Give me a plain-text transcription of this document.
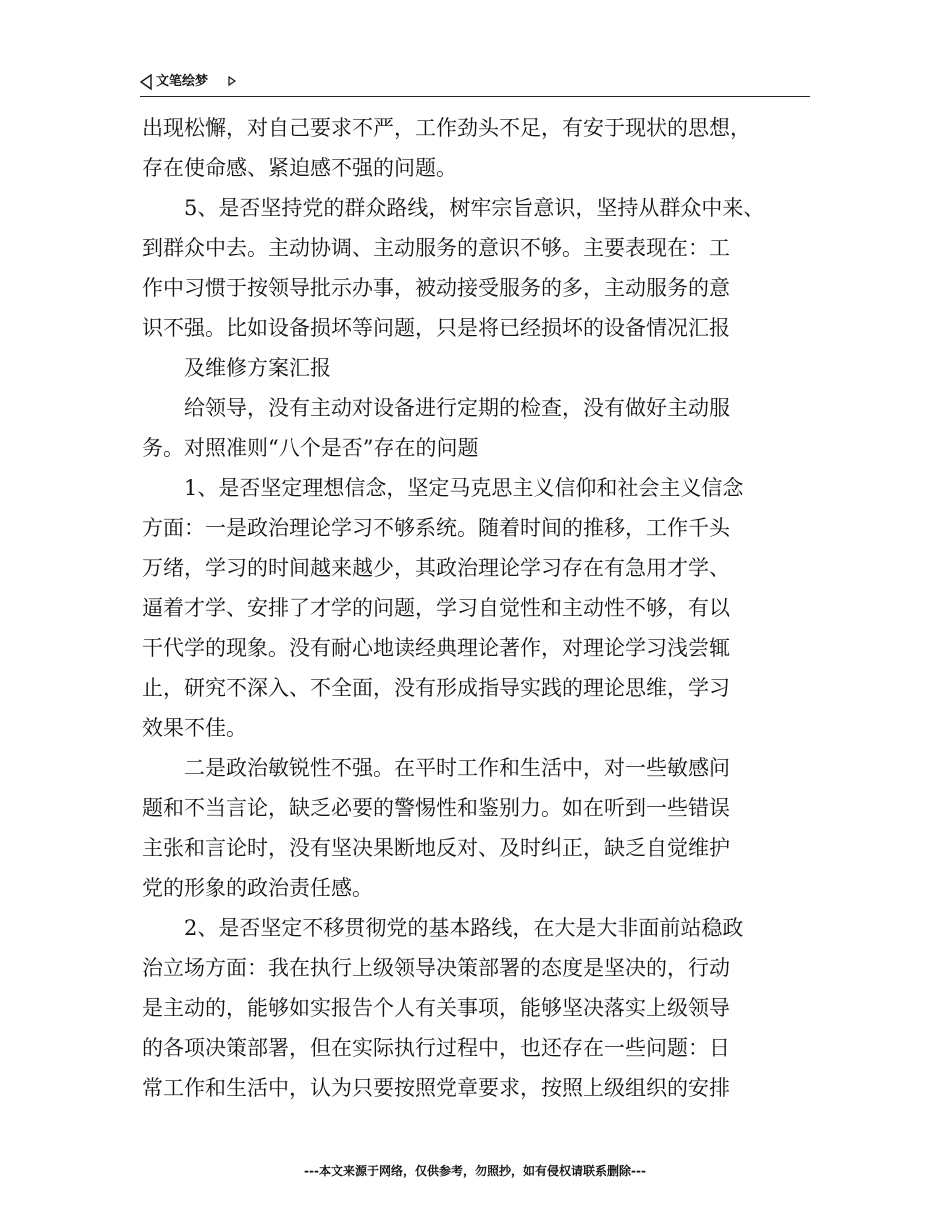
文笔绘梦
出现松懈，对自己要求不严，工作劲头不足，有安于现状的思想，
存在使命感、紧迫感不强的问题。
5、是否坚持党的群众路线，树牢宗旨意识，坚持从群众中来、
到群众中去。主动协调、主动服务的意识不够。主要表现在：工
作中习惯于按领导批示办事，被动接受服务的多，主动服务的意
识不强。比如设备损坏等问题，只是将已经损坏的设备情况汇报
及维修方案汇报
给领导，没有主动对设备进行定期的检查，没有做好主动服
务。对照准则“八个是否”存在的问题
1、是否坚定理想信念，坚定马克思主义信仰和社会主义信念
方面：一是政治理论学习不够系统。随着时间的推移，工作千头
万绪，学习的时间越来越少，其政治理论学习存在有急用才学、
逼着才学、安排了才学的问题，学习自觉性和主动性不够，有以
干代学的现象。没有耐心地读经典理论著作，对理论学习浅尝辄
止，研究不深入、不全面，没有形成指导实践的理论思维，学习
效果不佳。
二是政治敏锐性不强。在平时工作和生活中，对一些敏感问
题和不当言论，缺乏必要的警惕性和鉴别力。如在听到一些错误
主张和言论时，没有坚决果断地反对、及时纠正，缺乏自觉维护
党的形象的政治责任感。
2、是否坚定不移贯彻党的基本路线，在大是大非面前站稳政
治立场方面：我在执行上级领导决策部署的态度是坚决的，行动
是主动的，能够如实报告个人有关事项，能够坚决落实上级领导
的各项决策部署，但在实际执行过程中，也还存在一些问题：日
常工作和生活中，认为只要按照党章要求，按照上级组织的安排
---本文来源于网络，仅供参考，勿照抄，如有侵权请联系删除---
